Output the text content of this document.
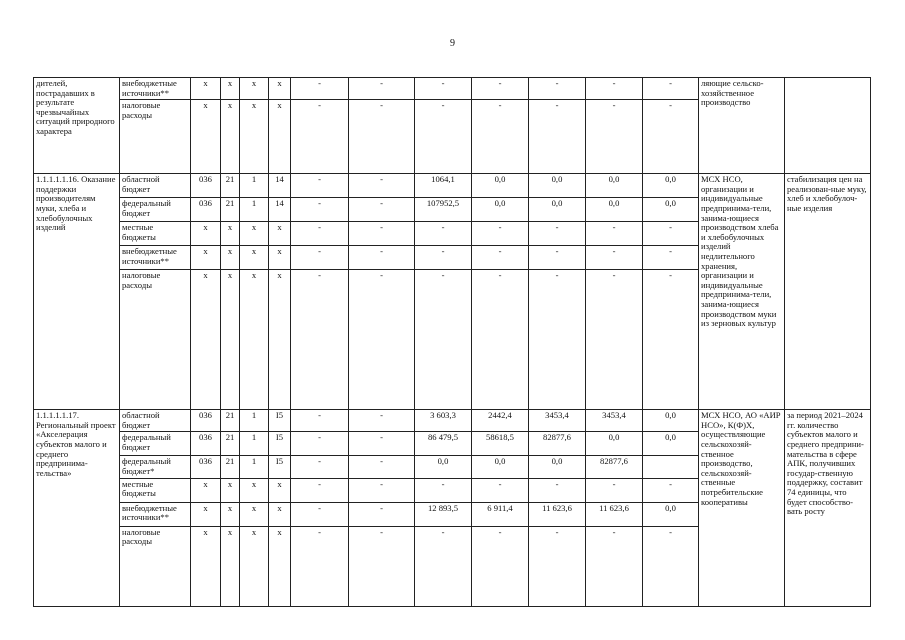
9
дителей, пострадавших в результате чрезвычайных ситуаций природного характера	внебюджетные источники**	х	х	х	х	-	-	-	-	-	-	-	ляющие сельско-хозяйственное производство	
	налоговые расходы	х	х	х	х	-	-	-	-	-	-	-		
1.1.1.1.1.16. Оказание поддержки производителям муки, хлеба и хлебобулочных изделий	областной бюджет	036	21	1	14	-	-	1064,1	0,0	0,0	0,0	0,0	МСХ НСО, организации и индивидуальные предпринима-тели, занима-ющиеся производством хлеба и хлебобулочных изделий недлительного хранения, организации и индивидуальные предпринима-тели, занима-ющиеся производством муки из зерновых культур	стабилизация цен на реализован-ные муку, хлеб и хлебобулоч-ные изделия
	федеральный бюджет	036	21	1	14	-	-	107952,5	0,0	0,0	0,0	0,0		
	местные бюджеты	х	х	х	х	-	-	-	-	-	-	-		
	внебюджетные источники**	х	х	х	х	-	-	-	-	-	-	-		
	налоговые расходы	х	х	х	х	-	-	-	-	-	-	-		
1.1.1.1.1.17. Региональный проект «Акселерация субъектов малого и среднего предпринима-тельства»	областной бюджет	036	21	1	I5	-	-	3 603,3	2442,4	3453,4	3453,4	0,0	МСХ НСО, АО «АИР НСО», К(Ф)Х, осуществляющие сельскохозяй-ственное производство, сельскохозяй-ственные потребительские кооперативы	за период 2021–2024 гг. количество субъектов малого и среднего предприни-мательства в сфере АПК, получивших государ-ственную поддержку, составит 74 единицы, что будет способство-вать росту
	федеральный бюджет	036	21	1	I5	-	-	86 479,5	58618,5	82877,6	0,0	0,0		
	федеральный бюджет*	036	21	1	I5	-	-	0,0	0,0	0,0	82877,6			
	местные бюджеты	х	х	х	х	-	-	-	-	-	-	-		
	внебюджетные источники**	х	х	х	х	-	-	12 893,5	6 911,4	11 623,6	11 623,6	0,0		
	налоговые расходы	х	х	х	х	-	-	-	-	-	-	-		
